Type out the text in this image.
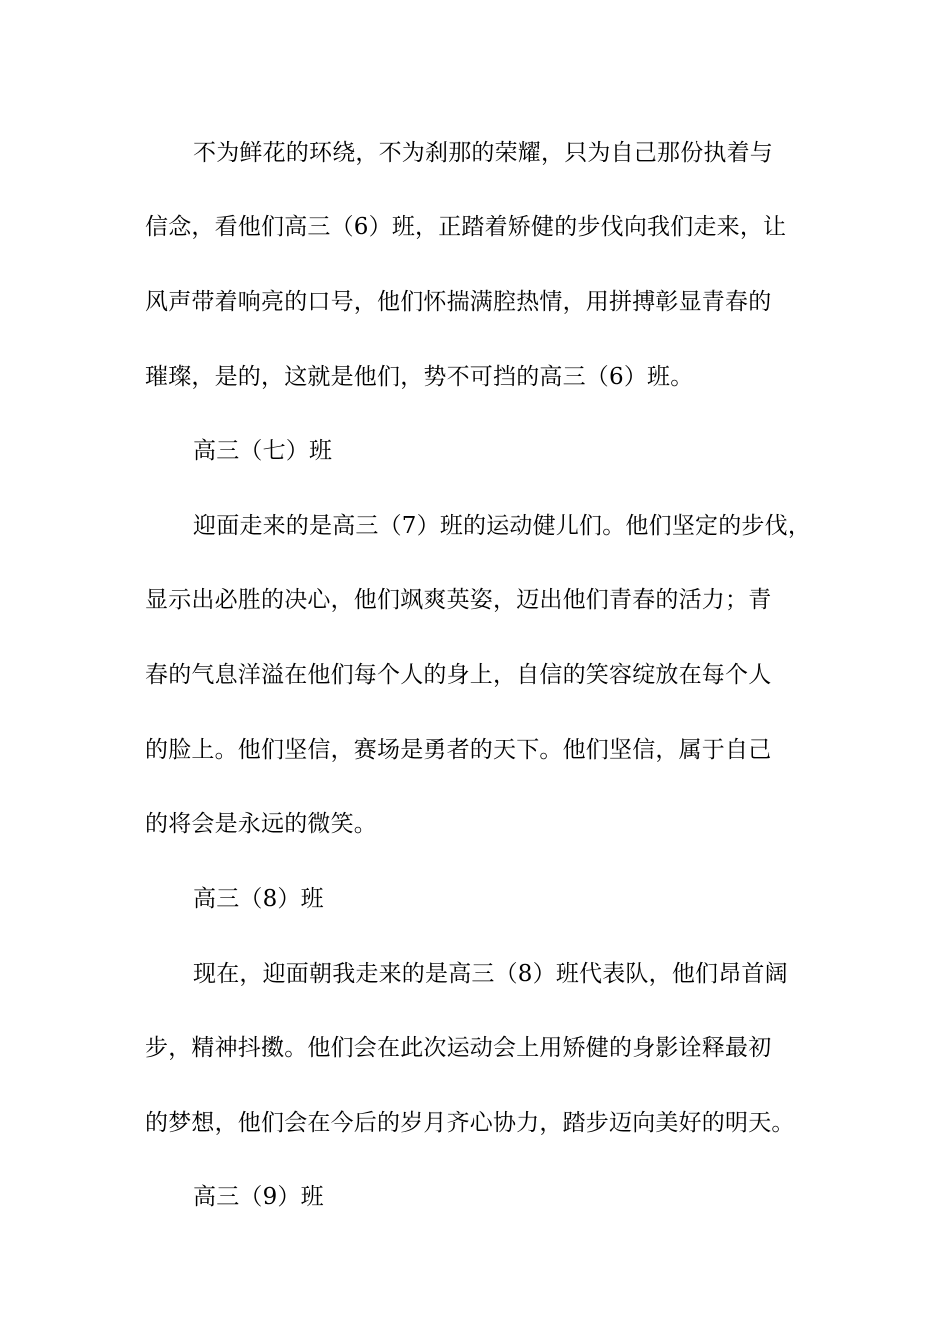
不为鲜花的环绕，不为刹那的荣耀，只为自己那份执着与
信念，看他们高三（6）班，正踏着矫健的步伐向我们走来，让
风声带着响亮的口号，他们怀揣满腔热情，用拼搏彰显青春的
璀璨，是的，这就是他们，势不可挡的高三（6）班。
高三（七）班
迎面走来的是高三（7）班的运动健儿们。他们坚定的步伐，
显示出必胜的决心，他们飒爽英姿，迈出他们青春的活力；青
春的气息洋溢在他们每个人的身上，自信的笑容绽放在每个人
的脸上。他们坚信，赛场是勇者的天下。他们坚信，属于自己
的将会是永远的微笑。
高三（8）班
现在，迎面朝我走来的是高三（8）班代表队，他们昂首阔
步，精神抖擞。他们会在此次运动会上用矫健的身影诠释最初
的梦想，他们会在今后的岁月齐心协力，踏步迈向美好的明天。
高三（9）班
